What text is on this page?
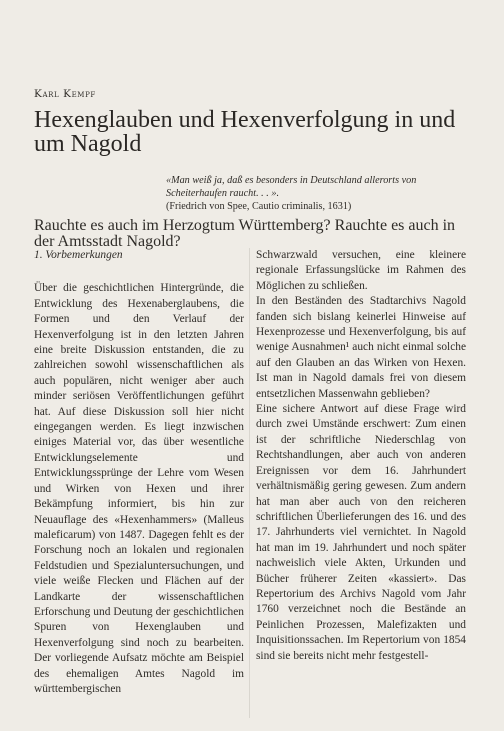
Karl Kempf
Hexenglauben und Hexenverfolgung in und um Nagold
«Man weiß ja, daß es besonders in Deutschland allerorts von Scheiterhaufen raucht. . . ».
(Friedrich von Spee, Cautio criminalis, 1631)
Rauchte es auch im Herzogtum Württemberg? Rauchte es auch in der Amtsstadt Nagold?

1. Vorbemerkungen

Über die geschichtlichen Hintergründe, die Entwicklung des Hexenaberglaubens, die Formen und den Verlauf der Hexenverfolgung ist in den letzten Jahren eine breite Diskussion entstanden, die zu zahlreichen sowohl wissenschaftlichen als auch populären, nicht weniger aber auch minder seriösen Veröffentlichungen geführt hat. Auf diese Diskussion soll hier nicht eingegangen werden. Es liegt inzwischen einiges Material vor, das über wesentliche Entwicklungselemente und Entwicklungssprünge der Lehre vom Wesen und Wirken von Hexen und ihrer Bekämpfung informiert, bis hin zur Neuauflage des «Hexenhammers» (Malleus maleficarum) von 1487. Dagegen fehlt es der Forschung noch an lokalen und regionalen Feldstudien und Spezialuntersuchungen, und viele weiße Flecken und Flächen auf der Landkarte der wissenschaftlichen Erforschung und Deutung der geschichtlichen Spuren von Hexenglauben und Hexenverfolgung sind noch zu bearbeiten. Der vorliegende Aufsatz möchte am Beispiel des ehemaligen Amtes Nagold im württembergischen

Schwarzwald versuchen, eine kleinere regionale Erfassungslücke im Rahmen des Möglichen zu schließen.

In den Beständen des Stadtarchivs Nagold fanden sich bislang keinerlei Hinweise auf Hexenprozesse und Hexenverfolgung, bis auf wenige Ausnahmen¹ auch nicht einmal solche auf den Glauben an das Wirken von Hexen. Ist man in Nagold damals frei von diesem entsetzlichen Massenwahn geblieben?

Eine sichere Antwort auf diese Frage wird durch zwei Umstände erschwert: Zum einen ist der schriftliche Niederschlag von Rechtshandlungen, aber auch von anderen Ereignissen vor dem 16. Jahrhundert verhältnismäßig gering gewesen. Zum andern hat man aber auch von den reicheren schriftlichen Überlieferungen des 16. und des 17. Jahrhunderts viel vernichtet. In Nagold hat man im 19. Jahrhundert und noch später nachweislich viele Akten, Urkunden und Bücher früherer Zeiten «kassiert». Das Repertorium des Archivs Nagold vom Jahr 1760 verzeichnet noch die Bestände an Peinlichen Prozessen, Malefizakten und Inquisitionssachen. Im Repertorium von 1854 sind sie bereits nicht mehr festgestell-
